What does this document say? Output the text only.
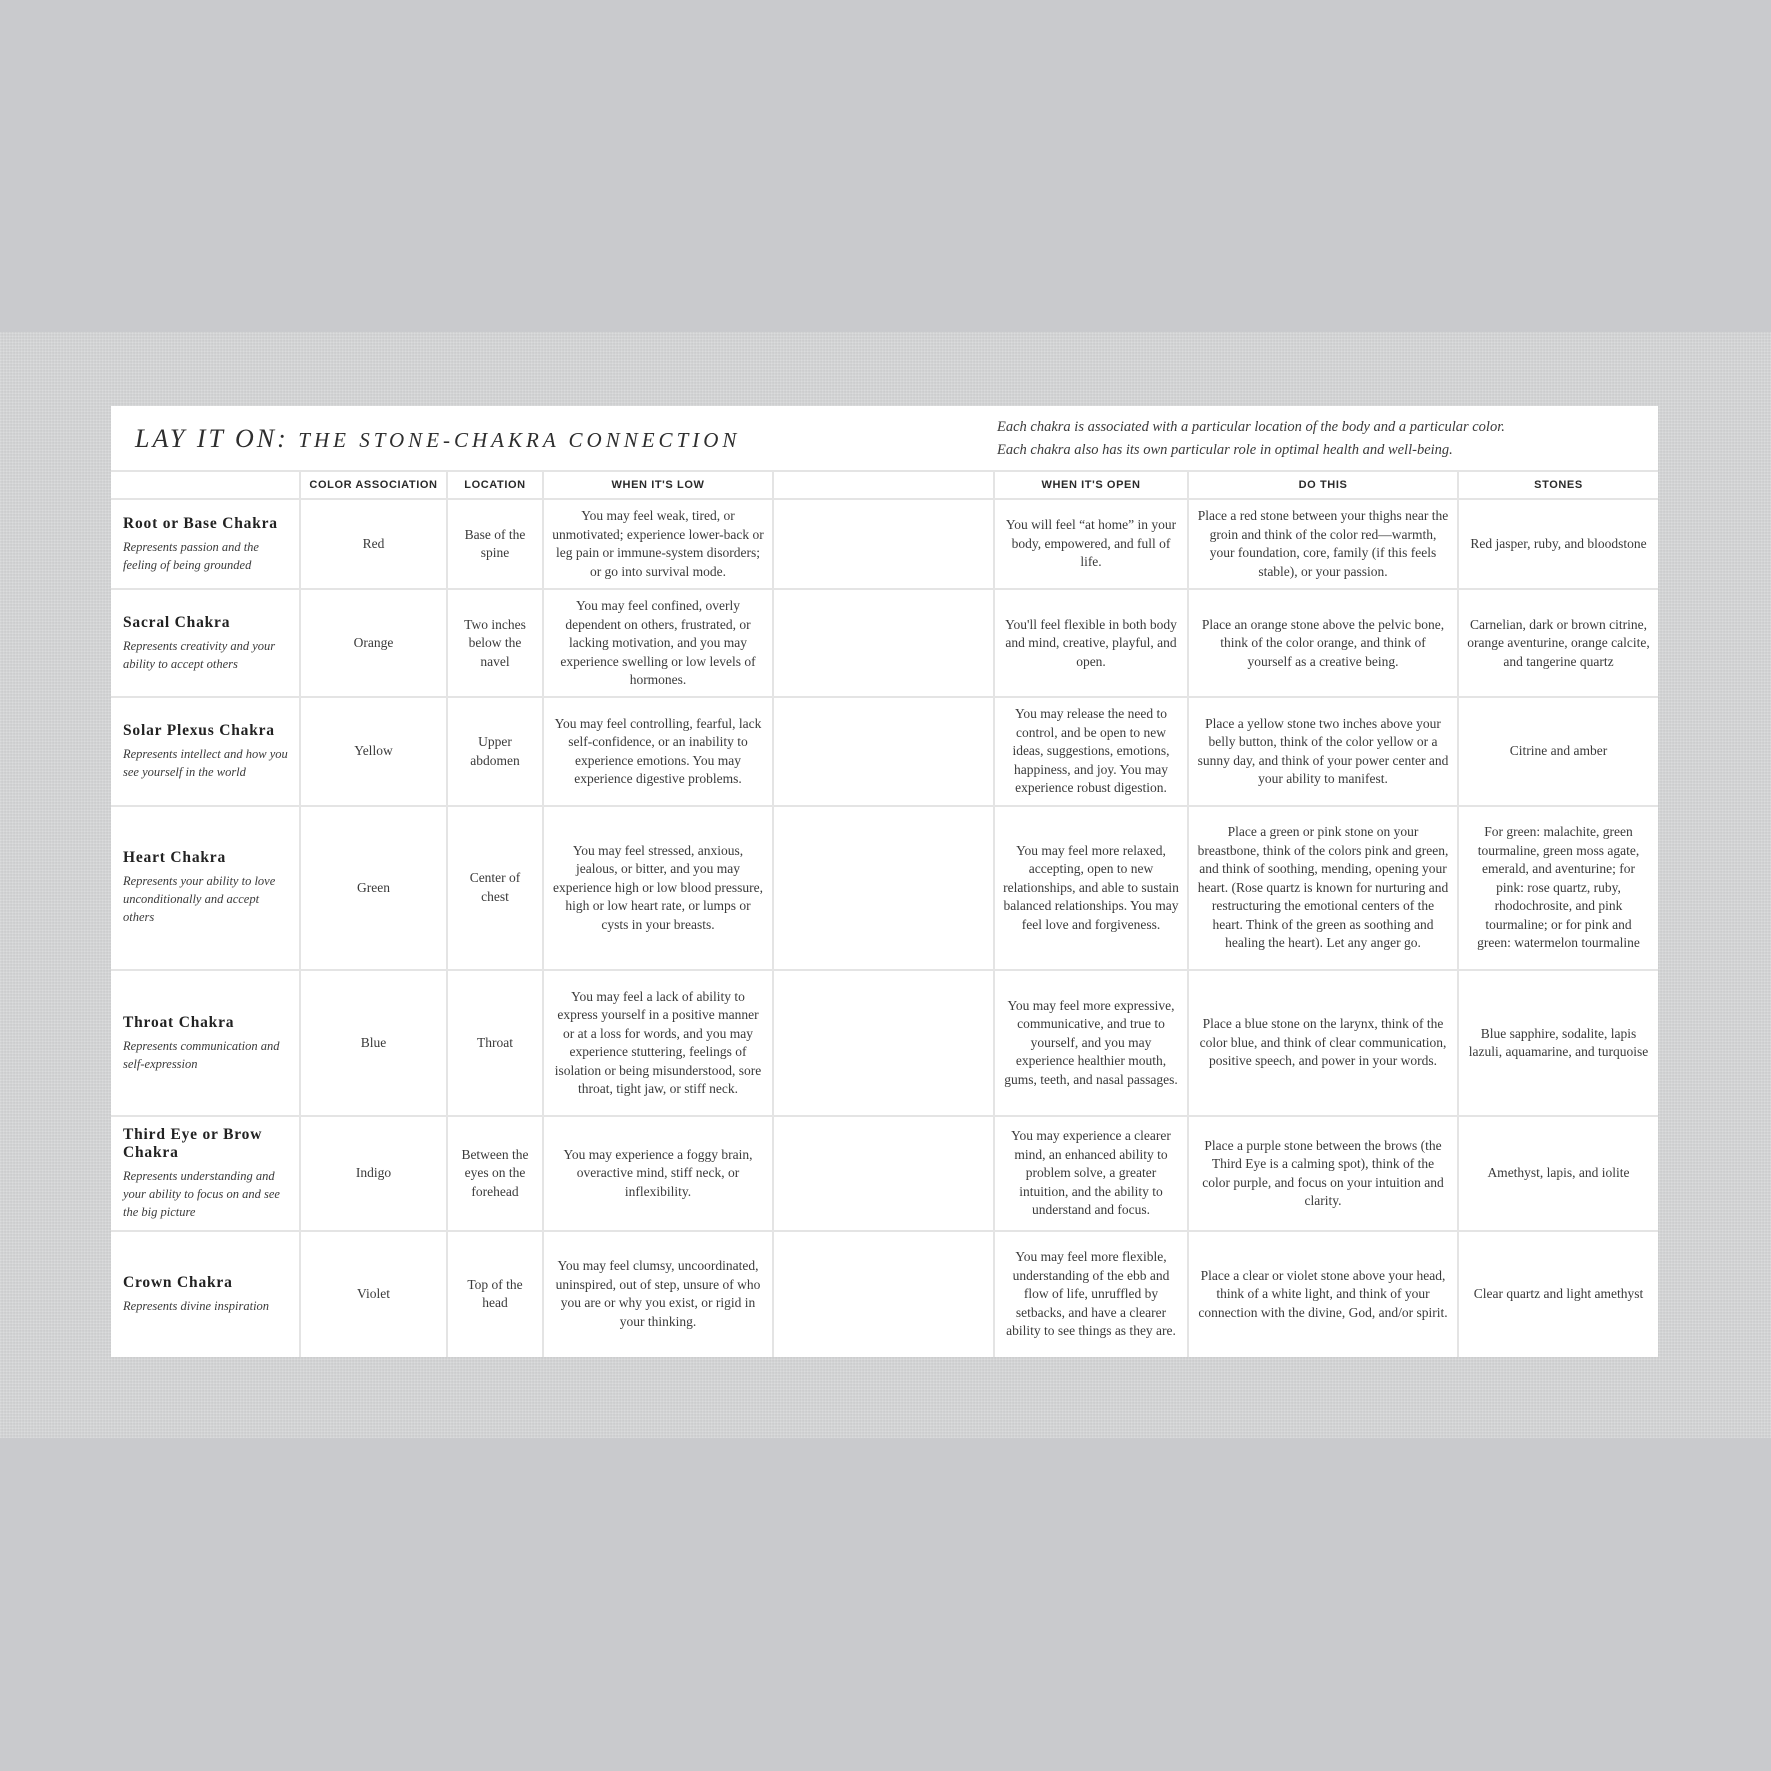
LAY IT ON: THE STONE-CHAKRA CONNECTION
Each chakra is associated with a particular location of the body and a particular color.
Each chakra also has its own particular role in optimal health and well-being.
	COLOR ASSOCIATION	LOCATION	WHEN IT'S LOW		WHEN IT'S OPEN	DO THIS	STONES

Root or Base Chakra
Represents passion and the feeling of being grounded	Red	Base of the spine	You may feel weak, tired, or unmotivated; experience lower-back or leg pain or immune-system disorders; or go into survival mode.		You will feel “at home” in your body, empowered, and full of life.	Place a red stone between your thighs near the groin and think of the color red—warmth, your foundation, core, family (if this feels stable), or your passion.	Red jasper, ruby, and bloodstone

Sacral Chakra
Represents creativity and your ability to accept others	Orange	Two inches below the navel	You may feel confined, overly dependent on others, frustrated, or lacking motivation, and you may experience swelling or low levels of hormones.		You'll feel flexible in both body and mind, creative, playful, and open.	Place an orange stone above the pelvic bone, think of the color orange, and think of yourself as a creative being.	Carnelian, dark or brown citrine, orange aventurine, orange calcite, and tangerine quartz

Solar Plexus Chakra
Represents intellect and how you see yourself in the world	Yellow	Upper abdomen	You may feel controlling, fearful, lack self-confidence, or an inability to experience emotions. You may experience digestive problems.		You may release the need to control, and be open to new ideas, suggestions, emotions, happiness, and joy. You may experience robust digestion.	Place a yellow stone two inches above your belly button, think of the color yellow or a sunny day, and think of your power center and your ability to manifest.	Citrine and amber

Heart Chakra
Represents your ability to love unconditionally and accept others	Green	Center of chest	You may feel stressed, anxious, jealous, or bitter, and you may experience high or low blood pressure, high or low heart rate, or lumps or cysts in your breasts.		You may feel more relaxed, accepting, open to new relationships, and able to sustain balanced relationships. You may feel love and forgiveness.	Place a green or pink stone on your breastbone, think of the colors pink and green, and think of soothing, mending, opening your heart. (Rose quartz is known for nurturing and restructuring the emotional centers of the heart. Think of the green as soothing and healing the heart). Let any anger go.	For green: malachite, green tourmaline, green moss agate, emerald, and aventurine; for pink: rose quartz, ruby, rhodochrosite, and pink tourmaline; or for pink and green: watermelon tourmaline

Throat Chakra
Represents communication and self-expression	Blue	Throat	You may feel a lack of ability to express yourself in a positive manner or at a loss for words, and you may experience stuttering, feelings of isolation or being misunderstood, sore throat, tight jaw, or stiff neck.		You may feel more expressive, communicative, and true to yourself, and you may experience healthier mouth, gums, teeth, and nasal passages.	Place a blue stone on the larynx, think of the color blue, and think of clear communication, positive speech, and power in your words.	Blue sapphire, sodalite, lapis lazuli, aquamarine, and turquoise

Third Eye or Brow Chakra
Represents understanding and your ability to focus on and see the big picture	Indigo	Between the eyes on the forehead	You may experience a foggy brain, overactive mind, stiff neck, or inflexibility.		You may experience a clearer mind, an enhanced ability to problem solve, a greater intuition, and the ability to understand and focus.	Place a purple stone between the brows (the Third Eye is a calming spot), think of the color purple, and focus on your intuition and clarity.	Amethyst, lapis, and iolite

Crown Chakra
Represents divine inspiration	Violet	Top of the head	You may feel clumsy, uncoordinated, uninspired, out of step, unsure of who you are or why you exist, or rigid in your thinking.		You may feel more flexible, understanding of the ebb and flow of life, unruffled by setbacks, and have a clearer ability to see things as they are.	Place a clear or violet stone above your head, think of a white light, and think of your connection with the divine, God, and/or spirit.	Clear quartz and light amethyst
